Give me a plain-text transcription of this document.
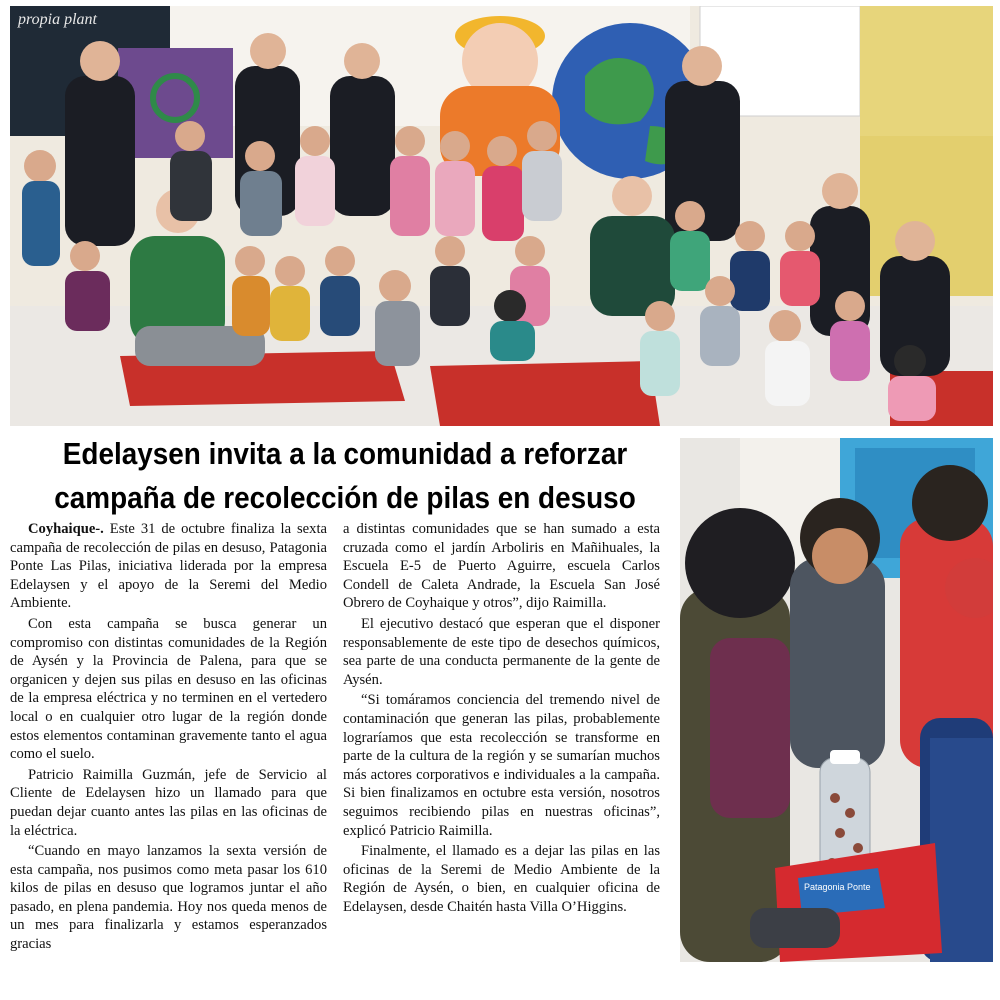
propia plant
Edelaysen invita a la comunidad a reforzar
campaña de recolección de pilas en desuso

Coyhaique-. Este 31 de octubre finaliza la sexta campaña de recolección de pilas en desuso, Patagonia Ponte Las Pilas, iniciativa liderada por la empresa Edelaysen y el apoyo de la Seremi del Medio Ambiente.

Con esta campaña se busca generar un compromiso con distintas comunidades de la Región de Aysén y la Provincia de Palena, para que se organicen y dejen sus pilas en desuso en las oficinas de la empresa eléctrica y no terminen en el vertedero local o en cualquier otro lugar de la región donde estos elementos contaminan gravemente tanto el agua como el suelo.

Patricio Raimilla Guzmán, jefe de Servicio al Cliente de Edelaysen hizo un llamado para que puedan dejar cuanto antes las pilas en las oficinas de la eléctrica.

“Cuando en mayo lanzamos la sexta versión de esta campaña, nos pusimos como meta pasar los 610 kilos de pilas en desuso que logramos juntar el año pasado, en plena pandemia. Hoy nos queda menos de un mes para finalizarla y estamos esperanzados gracias

a distintas comunidades que se han sumado a esta cruzada como el jardín Arboliris en Mañihuales, la Escuela E-5 de Puerto Aguirre, escuela Carlos Condell de Caleta Andrade, la Escuela San José Obrero de Coyhaique y otros”, dijo Raimilla.

El ejecutivo destacó que esperan que el disponer responsablemente de este tipo de desechos químicos, sea parte de una conducta permanente de la gente de Aysén.

“Si tomáramos conciencia del tremendo nivel de contaminación que generan las pilas, probablemente lograríamos que esta recolección se transforme en parte de la cultura de la región y se sumarían muchos más actores corporativos e individuales a la campaña. Si bien finalizamos en octubre esta versión, nosotros seguimos recibiendo pilas en nuestras oficinas”, explicó Patricio Raimilla.

Finalmente, el llamado es a dejar las pilas en las oficinas de la Seremi de Medio Ambiente de la Región de Aysén, o bien, en cualquier oficina de Edelaysen, desde Chaitén hasta Villa O’Higgins.

Patagonia Ponte
